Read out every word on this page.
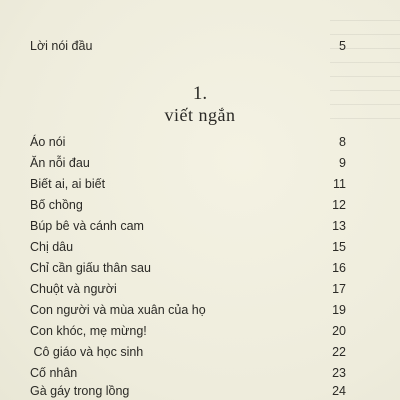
Lời nói đầu	5
1.
viết ngắn
Áo nói	8
Ăn nỗi đau	9
Biết ai, ai biết	11
Bố chồng	12
Búp bê và cánh cam	13
Chị dâu	15
Chỉ cần giấu thân sau	16
Chuột và người	17
Con người và mùa xuân của họ	19
Con khóc, mẹ mừng!	20
Cô giáo và học sinh	22
Cố nhân	23
Gà gáy trong lồng	24
